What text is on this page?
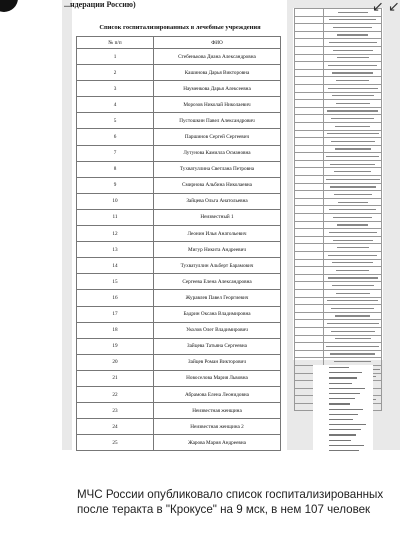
...ндерации Россию)
Список госпитализированных в лечебные учреждения
№ п/п	ФИО
1	Стебенькова Диана Александровна
2	Кашинова Дарья Викторовна
3	Науменкова Дарья Алексеевна
4	Морозов Николай Николаевич
5	Пустошкин Павел Александрович
6	Паршинов Сергей Сергеевич
7	Лутунова Камилла Османовна
8	Тухватуллина Светлана Петровна
9	Смирнова Альбина Николаевна
10	Зайцева Ольга Анатольевна
11	Неизвестный 1
12	Леонин Илья Анатольевич
13	Мигур Никита Андреевич
14	Тухватуллин Альберт Барамович
15	Сергеева Елена Александровна
16	Журавлев Павел Георгиевич
17	Бадрин Оксана Владимировна
18	Уколов Олег Владимирович
19	Зайцева Татьяна Сергеевна
20	Зайцев Роман Викторович
21	Новоселова Мария Львовна
22	Абрамова Елена Леонидовна
23	Неизвестная женщина
24	Неизвестная женщина 2
25	Жарова Мария Андреевна

↙ ↙
МЧС России опубликовало список госпитализированных после теракта в "Крокусе" на 9 мск, в нем 107 человек
